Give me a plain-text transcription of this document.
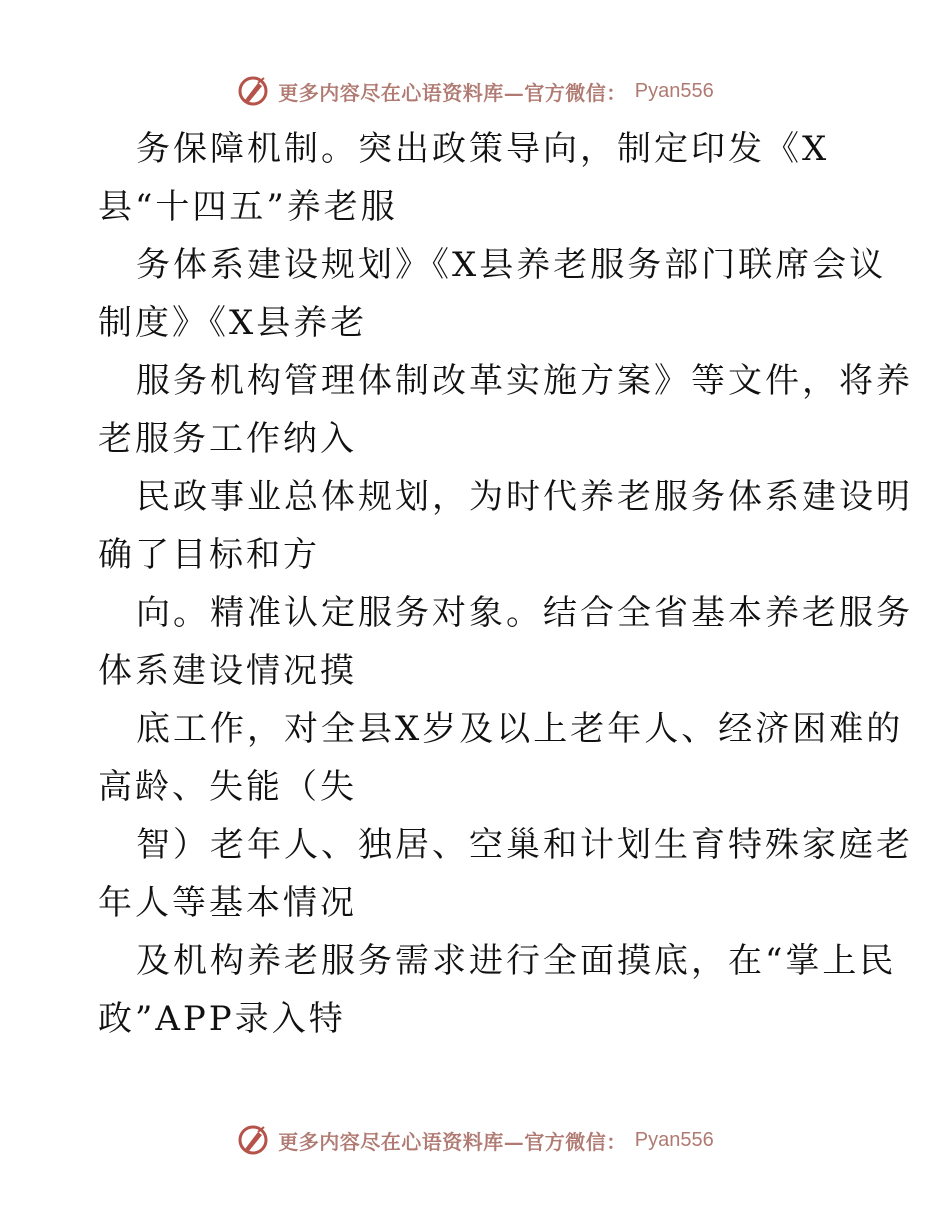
更多内容尽在心语资料库—官方微信： Pyan556
务保障机制。突出政策导向，制定印发《X
县“十四五”养老服
务体系建设规划》《X县养老服务部门联席会议
制度》《X县养老
服务机构管理体制改革实施方案》等文件，将养
老服务工作纳入
民政事业总体规划，为时代养老服务体系建设明
确了目标和方
向。精准认定服务对象。结合全省基本养老服务
体系建设情况摸
底工作，对全县X岁及以上老年人、经济困难的
高龄、失能（失
智）老年人、独居、空巢和计划生育特殊家庭老
年人等基本情况
及机构养老服务需求进行全面摸底，在“掌上民
政”APP录入特
更多内容尽在心语资料库—官方微信： Pyan556
